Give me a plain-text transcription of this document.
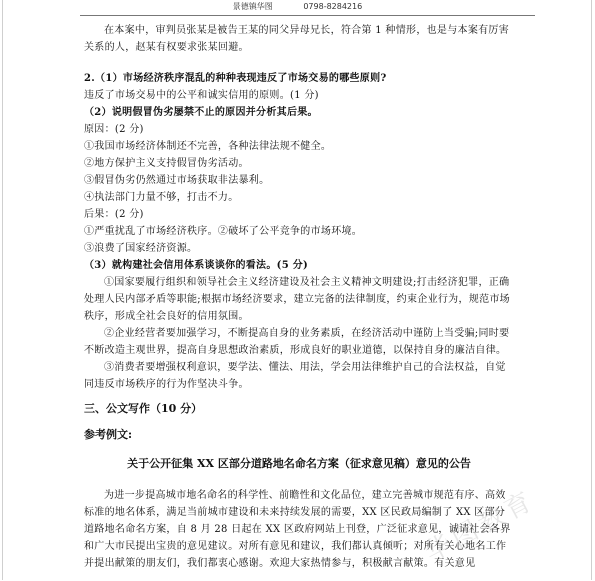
景德镇华图	0798-8284216

在本案中，审判员张某是被告王某的同父异母兄长，符合第 1 种情形，也是与本案有厉害关系的人，赵某有权要求张某回避。

2.（1）市场经济秩序混乱的种种表现违反了市场交易的哪些原则?

违反了市场交易中的公平和诚实信用的原则。(1 分)

（2）说明假冒伪劣屡禁不止的原因并分析其后果。

原因：(2 分)

①我国市场经济体制还不完善，各种法律法规不健全。

②地方保护主义支持假冒伪劣活动。

③假冒伪劣仍然通过市场获取非法暴利。

④执法部门力量不够，打击不力。

后果：(2 分)

①严重扰乱了市场经济秩序。②破坏了公平竞争的市场环境。

③浪费了国家经济资源。

（3）就构建社会信用体系谈谈你的看法。(5 分)

①国家要履行组织和领导社会主义经济建设及社会主义精神文明建设;打击经济犯罪，正确处理人民内部矛盾等职能;根据市场经济要求，建立完备的法律制度，约束企业行为，规范市场秩序，形成全社会良好的信用氛围。

②企业经营者要加强学习，不断提高自身的业务素质，在经济活动中谨防上当受骗;同时要不断改造主观世界，提高自身思想政治素质，形成良好的职业道德，以保持自身的廉洁自律。

③消费者要增强权利意识，要学法、懂法、用法，学会用法律维护自己的合法权益，自觉同违反市场秩序的行为作坚决斗争。

三、公文写作（10 分）

参考例文:

关于公开征集 XX 区部分道路地名命名方案（征求意见稿）意见的公告

为进一步提高城市地名命名的科学性、前瞻性和文化品位，建立完善城市规范有序、高效标准的地名体系，满足当前城市建设和未来持续发展的需要，XX 区民政局编制了 XX 区部分道路地名命名方案，自 8 月 28 日起在 XX 区政府网站上刊登，广泛征求意见，诚请社会各界和广大市民提出宝贵的意见建议。对所有意见和建议，我们都认真倾听；对所有关心地名工作并提出献策的朋友们，我们都衷心感谢。欢迎大家热情参与，积极献言献策。有关意见

华图教育
